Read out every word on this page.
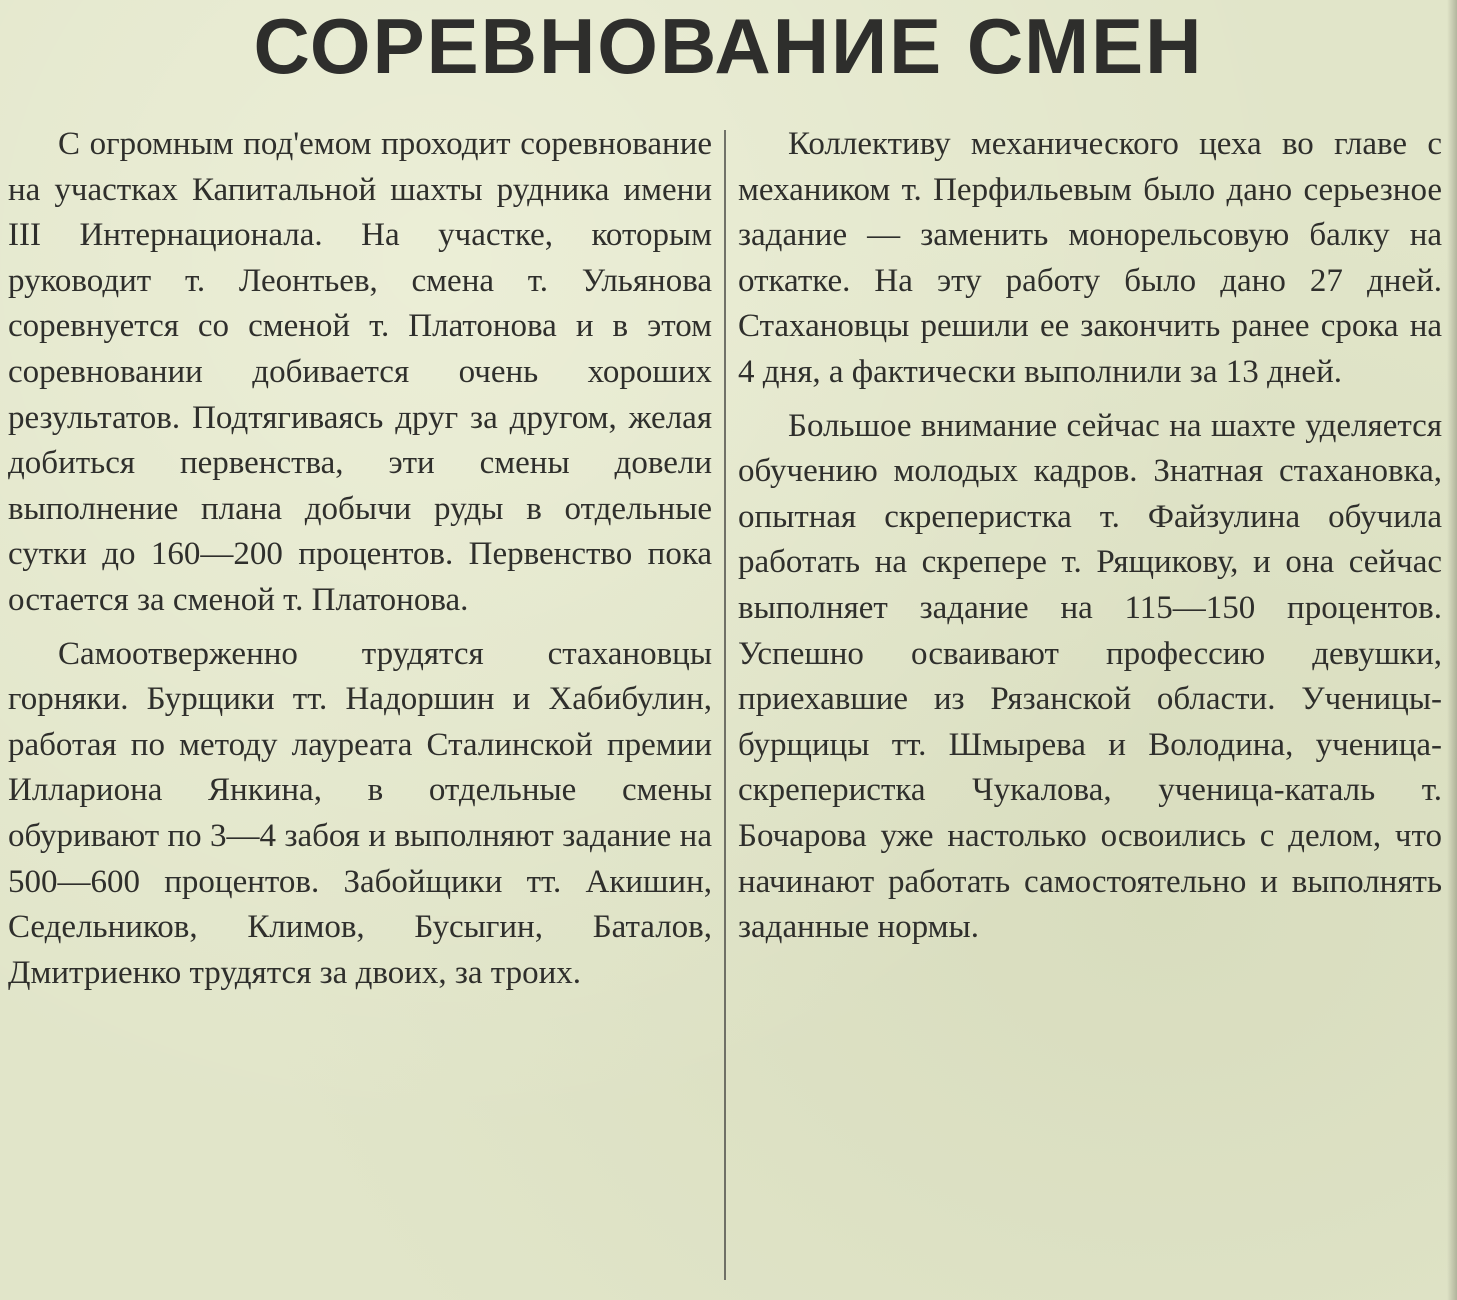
СОРЕВНОВАНИЕ СМЕН

С огромным под'емом проходит соревнование на участках Капитальной шахты рудника имени III Интернационала. На участке, которым руководит т. Леонтьев, смена т. Ульянова соревнуется со сменой т. Платонова и в этом соревновании добивается очень хороших результатов. Подтягиваясь друг за другом, желая добиться первенства, эти смены довели выполнение плана добычи руды в отдельные сутки до 160—200 процентов. Первенство пока остается за сменой т. Платонова.

Самоотверженно трудятся стахановцы горняки. Бурщики тт. Надоршин и Хабибулин, работая по методу лауреата Сталинской премии Иллариона Янкина, в отдельные смены обуривают по 3—4 забоя и выполняют задание на 500—600 процентов. Забойщики тт. Акишин, Седельников, Климов, Бусыгин, Баталов, Дмитриенко трудятся за двоих, за троих.

Коллективу механического цеха во главе с механиком т. Перфильевым было дано серьезное задание — заменить монорельсовую балку на откатке. На эту работу было дано 27 дней. Стахановцы решили ее закончить ранее срока на 4 дня, а фактически выполнили за 13 дней.

Большое внимание сейчас на шахте уделяется обучению молодых кадров. Знатная стахановка, опытная скреперистка т. Файзулина обучила работать на скрепере т. Рящикову, и она сейчас выполняет задание на 115—150 процентов. Успешно осваивают профессию девушки, приехавшие из Рязанской области. Ученицы-бурщицы тт. Шмырева и Володина, ученица-скреперистка Чукалова, ученица-каталь т. Бочарова уже настолько освоились с делом, что начинают работать самостоятельно и выполнять заданные нормы.
